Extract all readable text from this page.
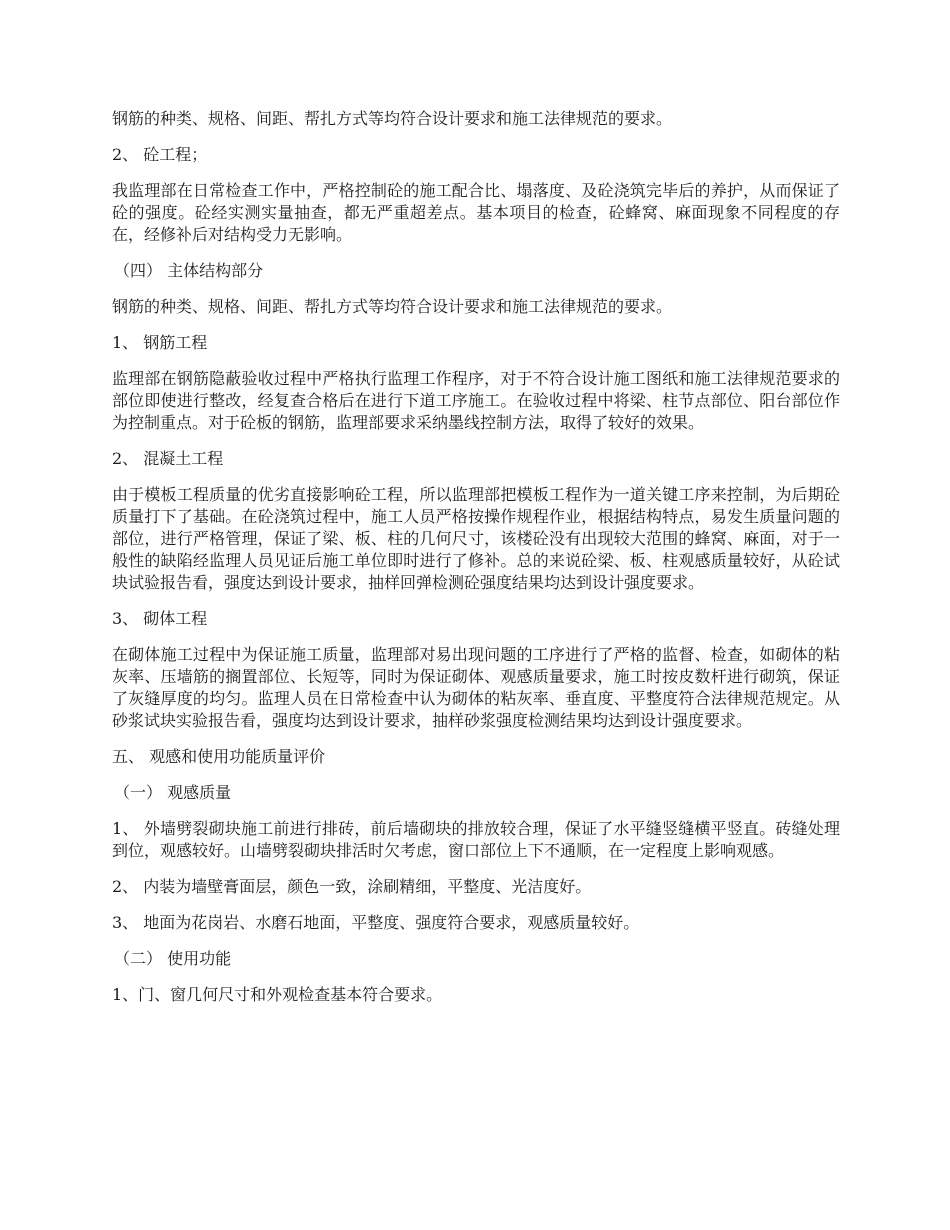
钢筋的种类、规格、间距、帮扎方式等均符合设计要求和施工法律规范的要求。

2、 砼工程；

我监理部在日常检查工作中，严格控制砼的施工配合比、塌落度、及砼浇筑完毕后的养护，从而保证了砼的强度。砼经实测实量抽查，都无严重超差点。基本项目的检查，砼蜂窝、麻面现象不同程度的存在，经修补后对结构受力无影响。

（四） 主体结构部分

钢筋的种类、规格、间距、帮扎方式等均符合设计要求和施工法律规范的要求。

1、 钢筋工程

监理部在钢筋隐蔽验收过程中严格执行监理工作程序，对于不符合设计施工图纸和施工法律规范要求的部位即使进行整改，经复查合格后在进行下道工序施工。在验收过程中将梁、柱节点部位、阳台部位作为控制重点。对于砼板的钢筋，监理部要求采纳墨线控制方法，取得了较好的效果。

2、 混凝土工程

由于模板工程质量的优劣直接影响砼工程，所以监理部把模板工程作为一道关键工序来控制，为后期砼质量打下了基础。在砼浇筑过程中，施工人员严格按操作规程作业，根据结构特点，易发生质量问题的部位，进行严格管理，保证了梁、板、柱的几何尺寸，该楼砼没有出现较大范围的蜂窝、麻面，对于一般性的缺陷经监理人员见证后施工单位即时进行了修补。总的来说砼梁、板、柱观感质量较好，从砼试块试验报告看，强度达到设计要求，抽样回弹检测砼强度结果均达到设计强度要求。

3、 砌体工程

在砌体施工过程中为保证施工质量，监理部对易出现问题的工序进行了严格的监督、检查，如砌体的粘灰率、压墙筋的搁置部位、长短等，同时为保证砌体、观感质量要求，施工时按皮数杆进行砌筑，保证了灰缝厚度的均匀。监理人员在日常检查中认为砌体的粘灰率、垂直度、平整度符合法律规范规定。从砂浆试块实验报告看，强度均达到设计要求，抽样砂浆强度检测结果均达到设计强度要求。

五、 观感和使用功能质量评价

（一） 观感质量

1、 外墙劈裂砌块施工前进行排砖，前后墙砌块的排放较合理，保证了水平缝竖缝横平竖直。砖缝处理到位，观感较好。山墙劈裂砌块排活时欠考虑，窗口部位上下不通顺，在一定程度上影响观感。

2、 内装为墙壁膏面层，颜色一致，涂刷精细，平整度、光洁度好。

3、 地面为花岗岩、水磨石地面，平整度、强度符合要求，观感质量较好。

（二） 使用功能

1、门、窗几何尺寸和外观检查基本符合要求。
